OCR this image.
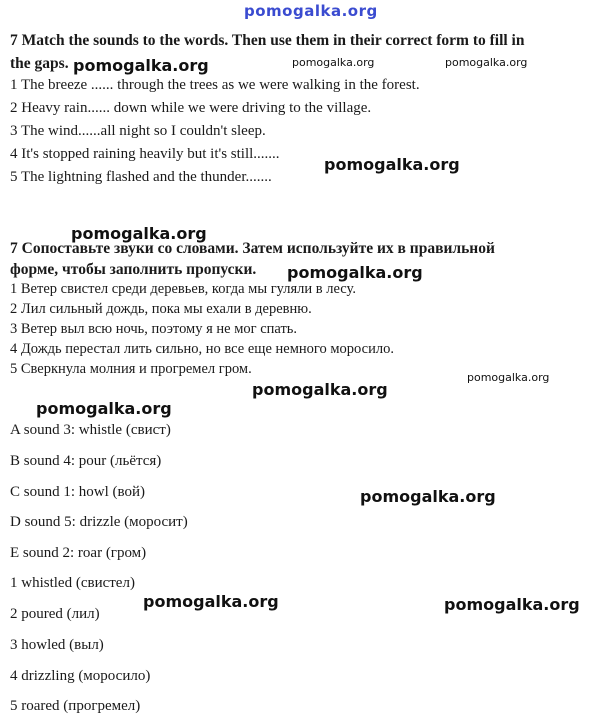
pomogalka.org
7 Match the sounds to the words. Then use them in their correct form to fill in
the gaps.
1 The breeze ...... through the trees as we were walking in the forest.
2 Heavy rain...... down while we were driving to the village.
3 The wind......all night so I couldn't sleep.
4 It's stopped raining heavily but it's still.......
5 The lightning flashed and the thunder.......
7 Сопоставьте звуки со словами. Затем используйте их в правильной
форме, чтобы заполнить пропуски.
1 Ветер свистел среди деревьев, когда мы гуляли в лесу.
2 Лил сильный дождь, пока мы ехали в деревню.
3 Ветер выл всю ночь, поэтому я не мог спать.
4 Дождь перестал лить сильно, но все еще немного моросило.
5 Сверкнула молния и прогремел гром.
A sound 3: whistle (свист)
B sound 4: pour (льётся)
C sound 1: howl (вой)
D sound 5: drizzle (моросит)
E sound 2: roar (гром)
1 whistled (свистел)
2 poured (лил)
3 howled (выл)
4 drizzling (моросило)
5 roared (прогремел)
pomogalka.org	pomogalka.org	pomogalka.org
pomogalka.org
pomogalka.org
pomogalka.org
pomogalka.org
pomogalka.org
pomogalka.org
pomogalka.org
pomogalka.org	pomogalka.org
